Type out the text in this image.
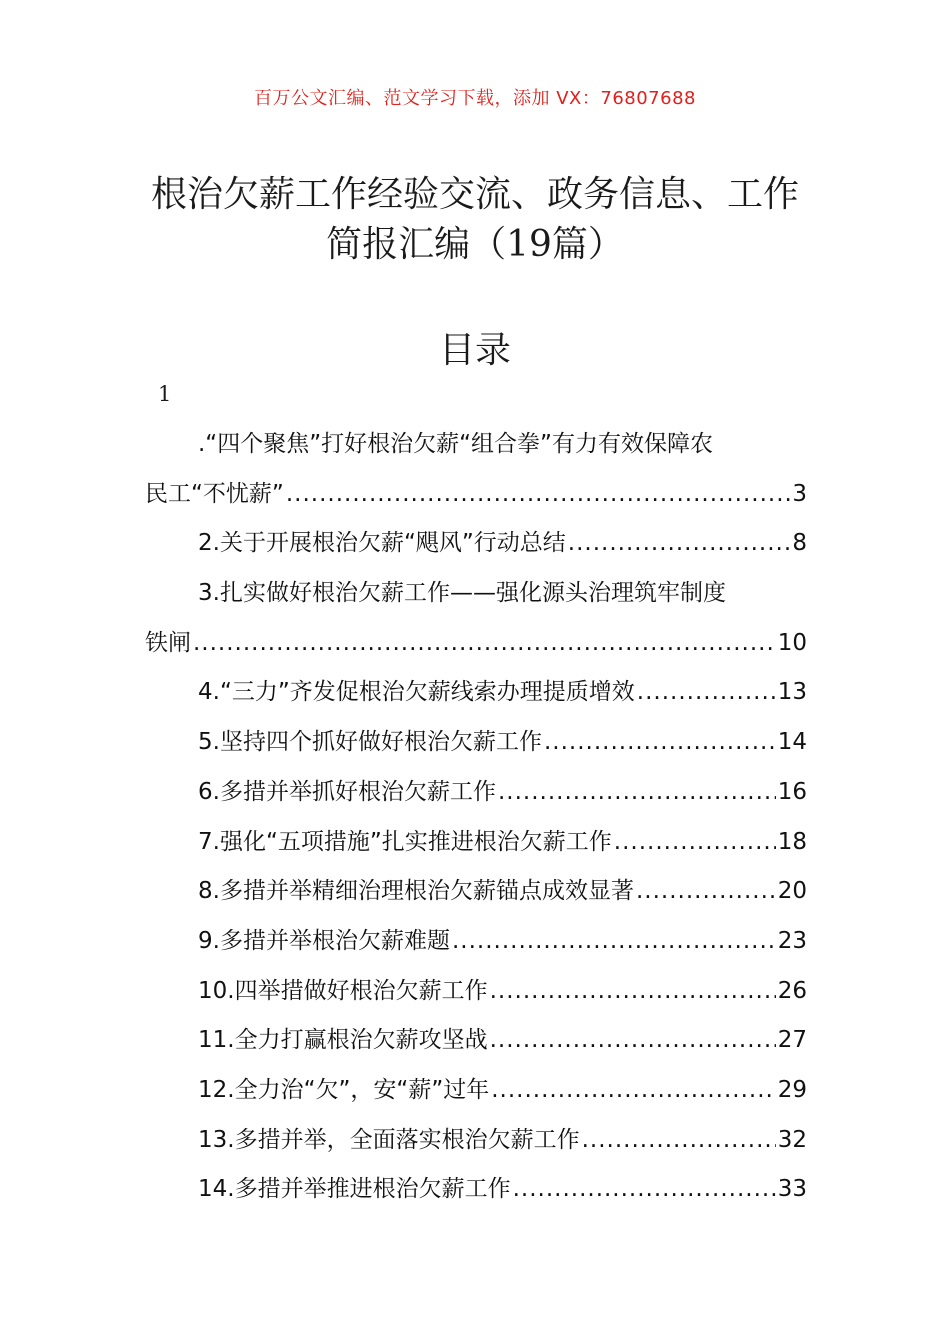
百万公文汇编、范文学习下载，添加 VX：76807688
根治欠薪工作经验交流、政务信息、工作
简报汇编（19篇）
目录
1
.“四个聚焦”打好根治欠薪“组合拳”有力有效保障农
民工“不忧薪” .....	3
2.关于开展根治欠薪“飓风”行动总结 .....	8
3.扎实做好根治欠薪工作——强化源头治理筑牢制度
铁闸 .....	10
4.“三力”齐发促根治欠薪线索办理提质增效 .....	13
5.坚持四个抓好做好根治欠薪工作 .....	14
6.多措并举抓好根治欠薪工作 .....	16
7.强化“五项措施”扎实推进根治欠薪工作 .....	18
8.多措并举精细治理根治欠薪锚点成效显著 .....	20
9.多措并举根治欠薪难题 .....	23
10.四举措做好根治欠薪工作 .....	26
11.全力打赢根治欠薪攻坚战 .....	27
12.全力治“欠”，安“薪”过年 .....	29
13.多措并举，全面落实根治欠薪工作 .....	32
14.多措并举推进根治欠薪工作 .....	33
